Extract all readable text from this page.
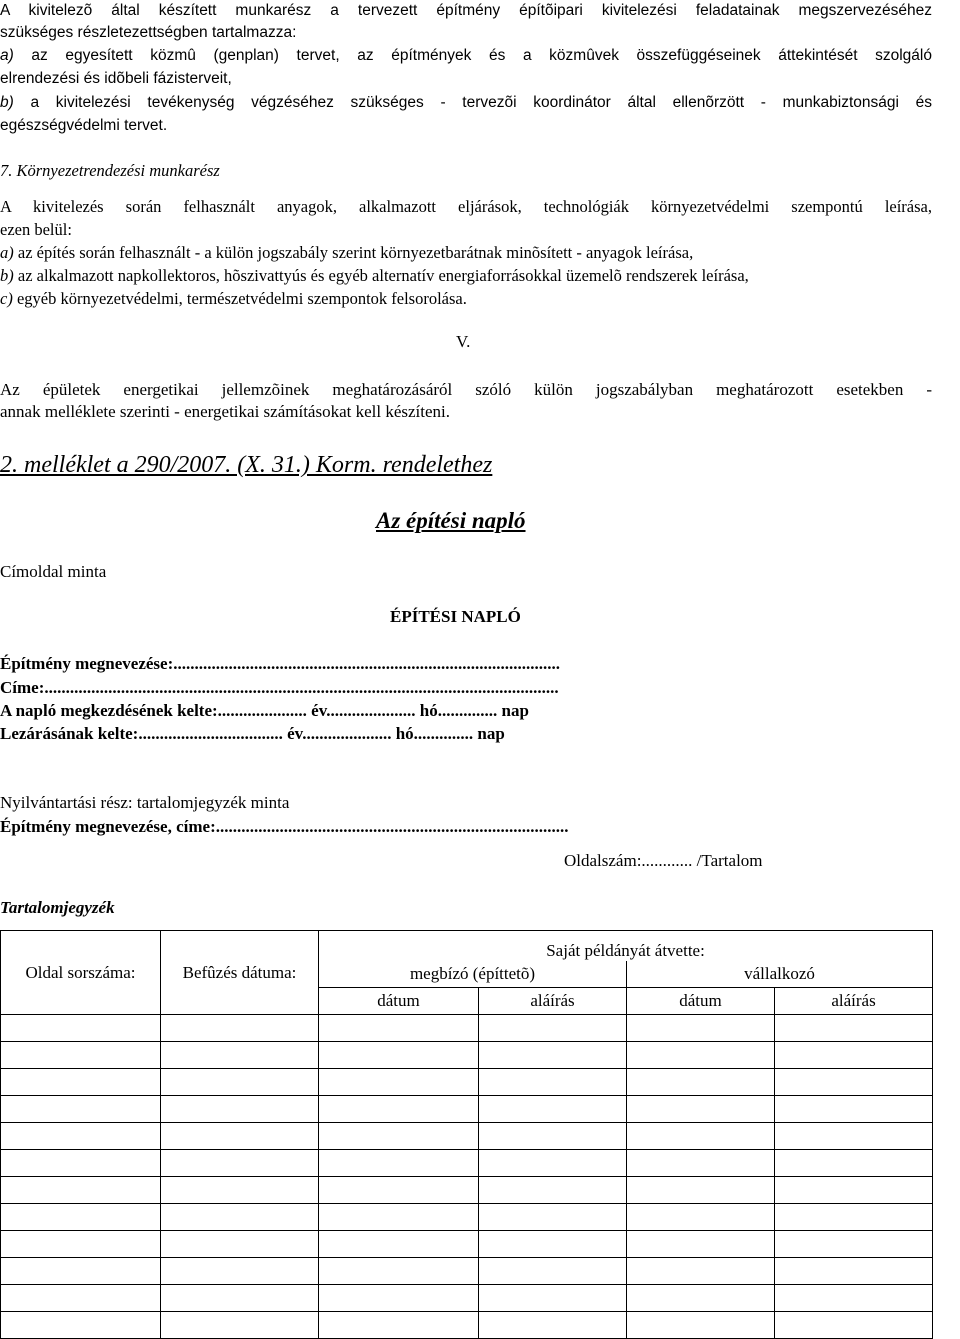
A kivitelezõ által készített munkarész a tervezett építmény építõipari kivitelezési feladatainak megszervezéséhez
szükséges részletezettségben tartalmazza:
a) az egyesített közmû (genplan) tervet, az építmények és a közmûvek összefüggéseinek áttekintését szolgáló
elrendezési és idõbeli fázisterveit,
b) a kivitelezési tevékenység végzéséhez szükséges - tervezõi koordinátor által ellenõrzött - munkabiztonsági és
egészségvédelmi tervet.
7. Környezetrendezési munkarész
A kivitelezés során felhasznált anyagok, alkalmazott eljárások, technológiák környezetvédelmi szempontú leírása,
ezen belül:
a) az építés során felhasznált - a külön jogszabály szerint környezetbarátnak minõsített - anyagok leírása,
b) az alkalmazott napkollektoros, hõszivattyús és egyéb alternatív energiaforrásokkal üzemelõ rendszerek leírása,
c) egyéb környezetvédelmi, természetvédelmi szempontok felsorolása.
V.
Az épületek energetikai jellemzõinek meghatározásáról szóló külön jogszabályban meghatározott esetekben -
annak melléklete szerinti - energetikai számításokat kell készíteni.
2. melléklet a 290/2007. (X. 31.) Korm. rendelethez
Az építési napló
Címoldal minta
ÉPÍTÉSI NAPLÓ
Építmény megnevezése:...........................................................................................
Címe:.........................................................................................................................
A napló megkezdésének kelte:..................... év..................... hó.............. nap
Lezárásának kelte:.................................. év..................... hó.............. nap
Nyilvántartási rész: tartalomjegyzék minta
Építmény megnevezése, címe:...................................................................................
Oldalszám:............ /Tartalom
Tartalomjegyzék
Oldal sorszáma:	Befûzés dátuma:	Saját példányát átvette:			
		megbízó (építtetõ)		vállalkozó	
		dátum	aláírás	dátum	aláírás
